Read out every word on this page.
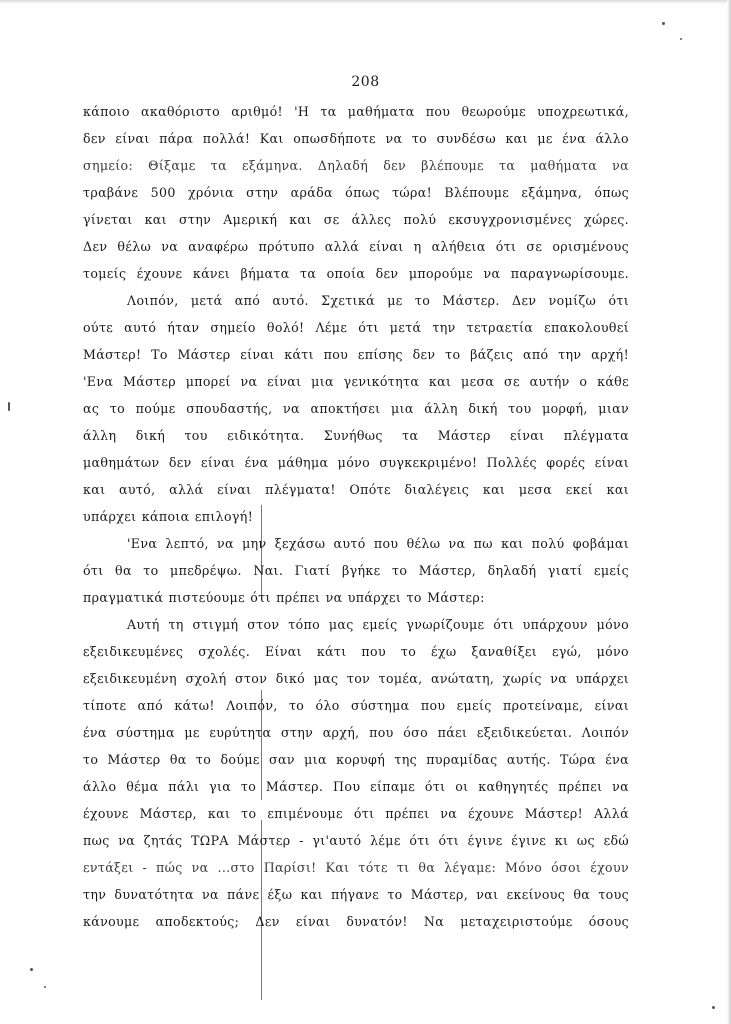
208
κάποιο ακαθόριστο αριθμό! 'Η τα μαθήματα που θεωρούμε υποχρεωτικά,
δεν είναι πάρα πολλά! Και οπωσδήποτε να το συνδέσω και με ένα άλλο
σημείο: Θίξαμε τα εξάμηνα. Δηλαδή δεν βλέπουμε τα μαθήματα να
τραβάνε 500 χρόνια στην αράδα όπως τώρα! Βλέπουμε εξάμηνα, όπως
γίνεται και στην Αμερική και σε άλλες πολύ εκσυγχρονισμένες χώρες.
Δεν θέλω να αναφέρω πρότυπο αλλά είναι η αλήθεια ότι σε ορισμένους
τομείς έχουνε κάνει βήματα τα οποία δεν μπορούμε να παραγνωρίσουμε.
Λοιπόν, μετά από αυτό. Σχετικά με το Μάστερ. Δεν νομίζω ότι
ούτε αυτό ήταν σημείο θολό! Λέμε ότι μετά την τετραετία επακολουθεί
Μάστερ! Το Μάστερ είναι κάτι που επίσης δεν το βάζεις από την αρχή!
'Ενα Μάστερ μπορεί να είναι μια γενικότητα και μεσα σε αυτήν ο κάθε
ας το πούμε σπουδαστής, να αποκτήσει μια άλλη δική του μορφή, μιαν
άλλη δική του ειδικότητα. Συνήθως τα Μάστερ είναι πλέγματα
μαθημάτων δεν είναι ένα μάθημα μόνο συγκεκριμένο! Πολλές φορές είναι
και αυτό, αλλά είναι πλέγματα! Οπότε διαλέγεις και μεσα εκεί και
υπάρχει κάποια επιλογή!
'Ενα λεπτό, να μην ξεχάσω αυτό που θέλω να πω και πολύ φοβάμαι
ότι θα το μπεδρέψω. Ναι. Γιατί βγήκε το Μάστερ, δηλαδή γιατί εμείς
πραγματικά πιστεύουμε ότι πρέπει να υπάρχει το Μάστερ:
Αυτή τη στιγμή στον τόπο μας εμείς γνωρίζουμε ότι υπάρχουν μόνο
εξειδικευμένες σχολές. Είναι κάτι που το έχω ξαναθίξει εγώ, μόνο
εξειδικευμένη σχολή στον δικό μας τον τομέα, ανώτατη, χωρίς να υπάρχει
τίποτε από κάτω! Λοιπόν, το όλο σύστημα που εμείς προτείναμε, είναι
ένα σύστημα με ευρύτητα στην αρχή, που όσο πάει εξειδικεύεται. Λοιπόν
το Μάστερ θα το δούμε σαν μια κορυφή της πυραμίδας αυτής. Τώρα ένα
άλλο θέμα πάλι για το Μάστερ. Που είπαμε ότι οι καθηγητές πρέπει να
έχουνε Μάστερ, και το επιμένουμε ότι πρέπει να έχουνε Μάστερ! Αλλά
πως να ζητάς ΤΩΡΑ Μάστερ - γι'αυτό λέμε ότι ότι έγινε έγινε κι ως εδώ
εντάξει - πώς να ...στο Παρίσι! Και τότε τι θα λέγαμε: Μόνο όσοι έχουν
την δυνατότητα να πάνε έξω και πήγανε το Μάστερ, ναι εκείνους θα τους
κάνουμε αποδεκτούς; Δεν είναι δυνατόν! Να μεταχειριστούμε όσους
